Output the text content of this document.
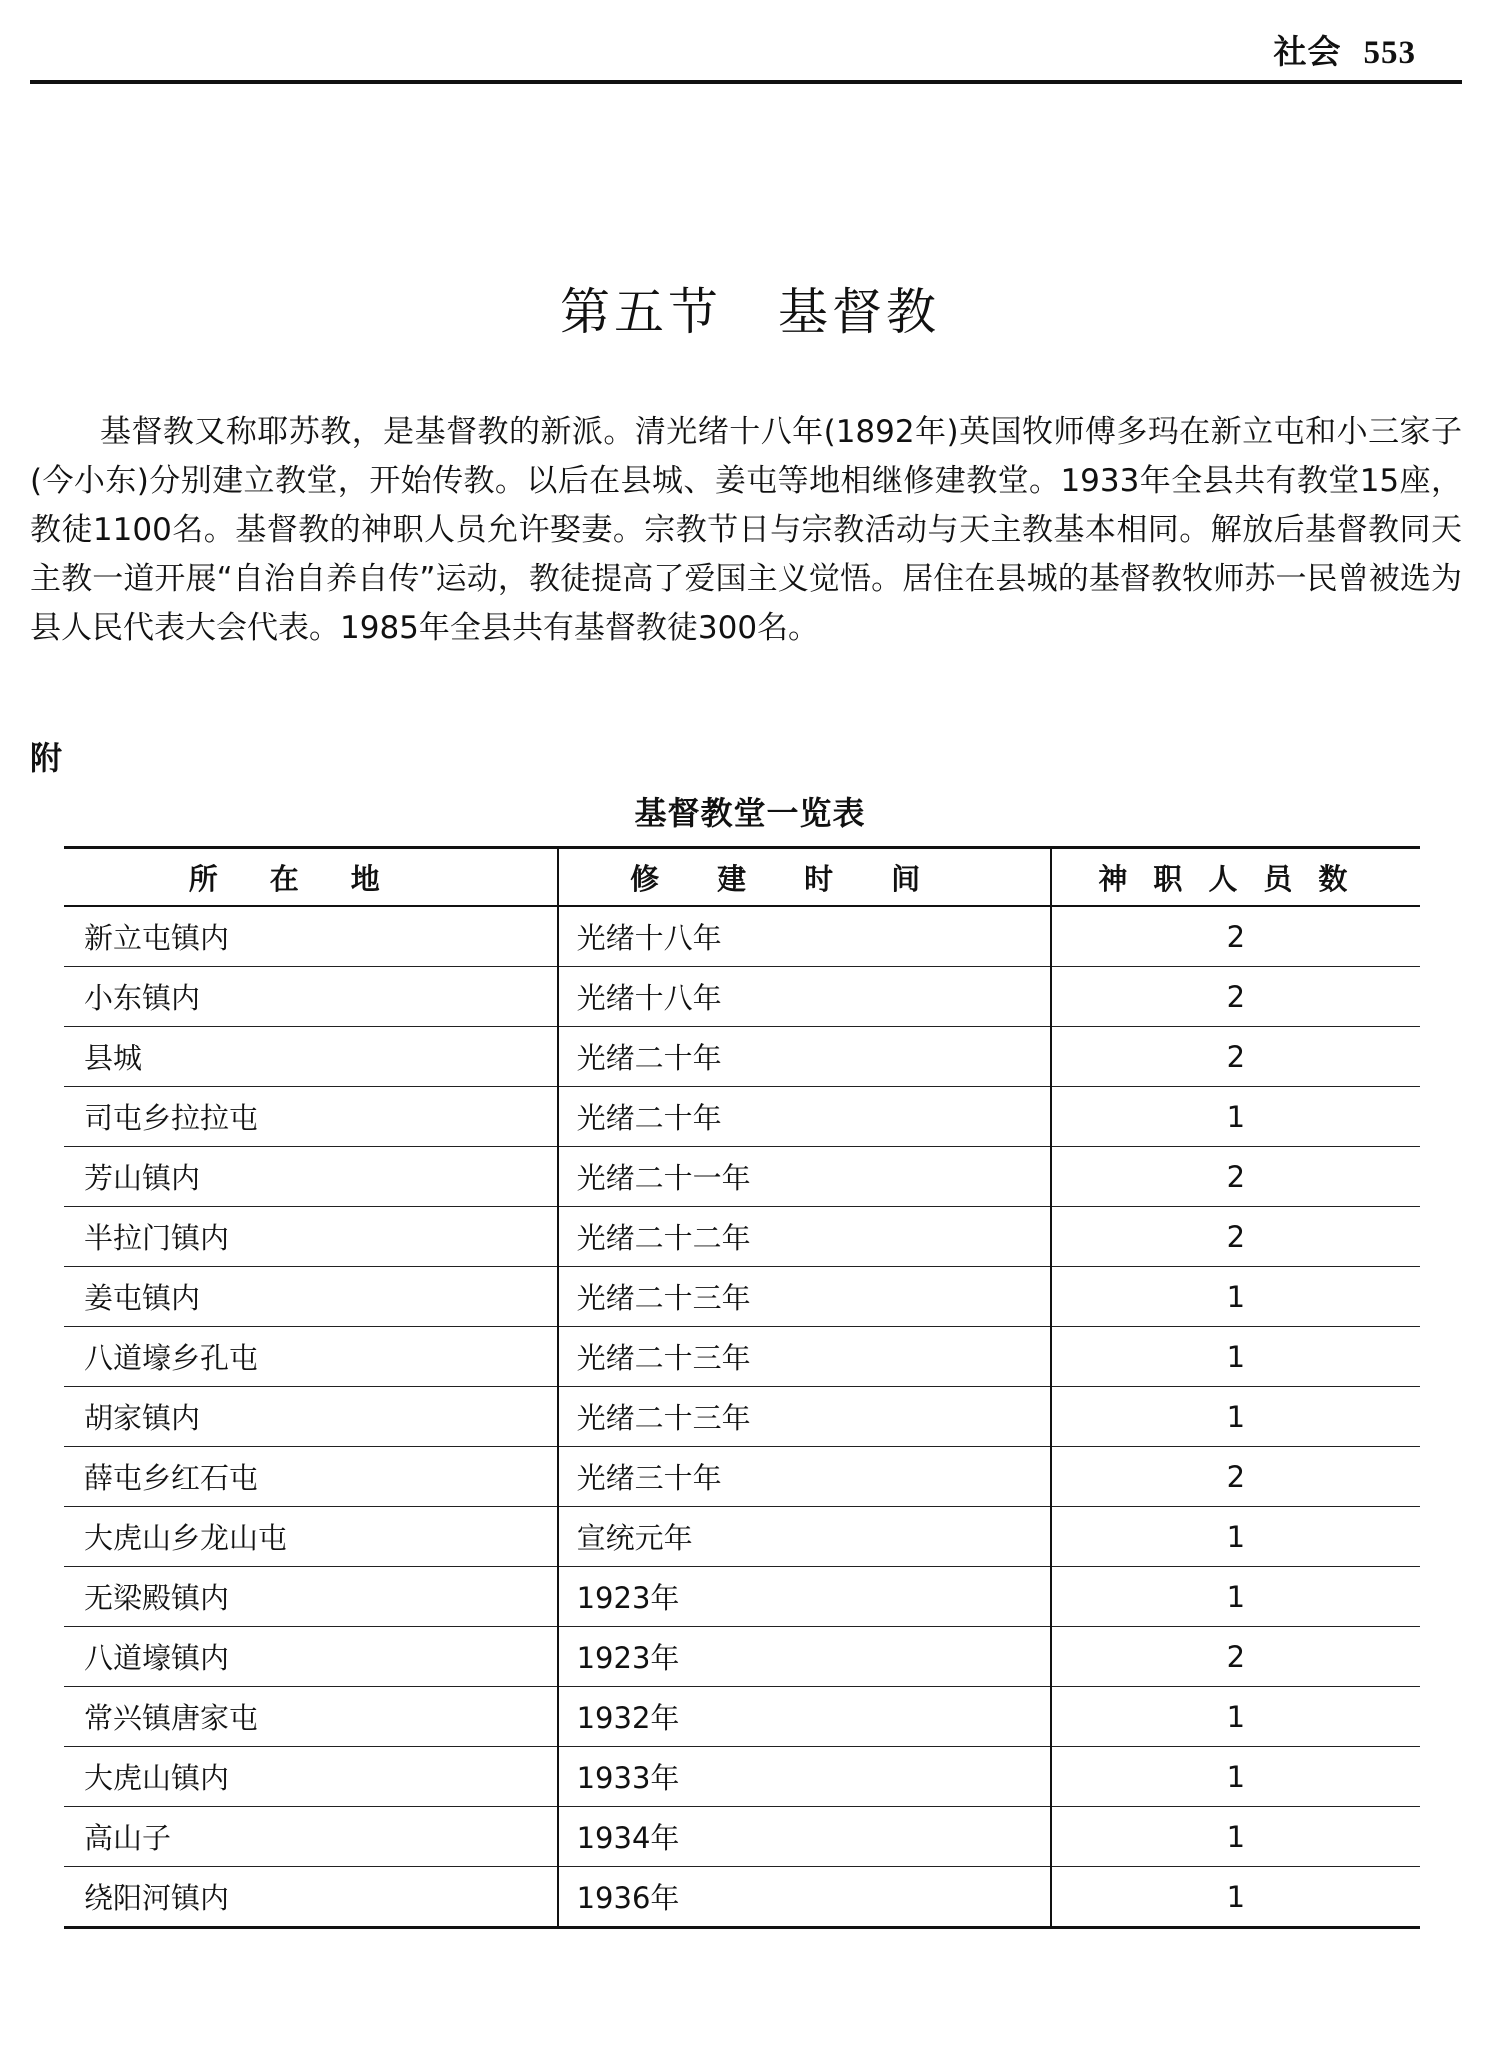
社会 553
第五节 基督教

基督教又称耶苏教，是基督教的新派。清光绪十八年(1892年)英国牧师傅多玛在新立屯和小三家子(今小东)分别建立教堂，开始传教。以后在县城、姜屯等地相继修建教堂。1933年全县共有教堂15座，教徒1100名。基督教的神职人员允许娶妻。宗教节日与宗教活动与天主教基本相同。解放后基督教同天主教一道开展“自治自养自传”运动，教徒提高了爱国主义觉悟。居住在县城的基督教牧师苏一民曾被选为县人民代表大会代表。1985年全县共有基督教徒300名。

附
基督教堂一览表
所在地	修建时间	神职人员数
新立屯镇内	光绪十八年	2
小东镇内	光绪十八年	2
县城	光绪二十年	2
司屯乡拉拉屯	光绪二十年	1
芳山镇内	光绪二十一年	2
半拉门镇内	光绪二十二年	2
姜屯镇内	光绪二十三年	1
八道壕乡孔屯	光绪二十三年	1
胡家镇内	光绪二十三年	1
薛屯乡红石屯	光绪三十年	2
大虎山乡龙山屯	宣统元年	1
无梁殿镇内	1923年	1
八道壕镇内	1923年	2
常兴镇唐家屯	1932年	1
大虎山镇内	1933年	1
高山子	1934年	1
绕阳河镇内	1936年	1
